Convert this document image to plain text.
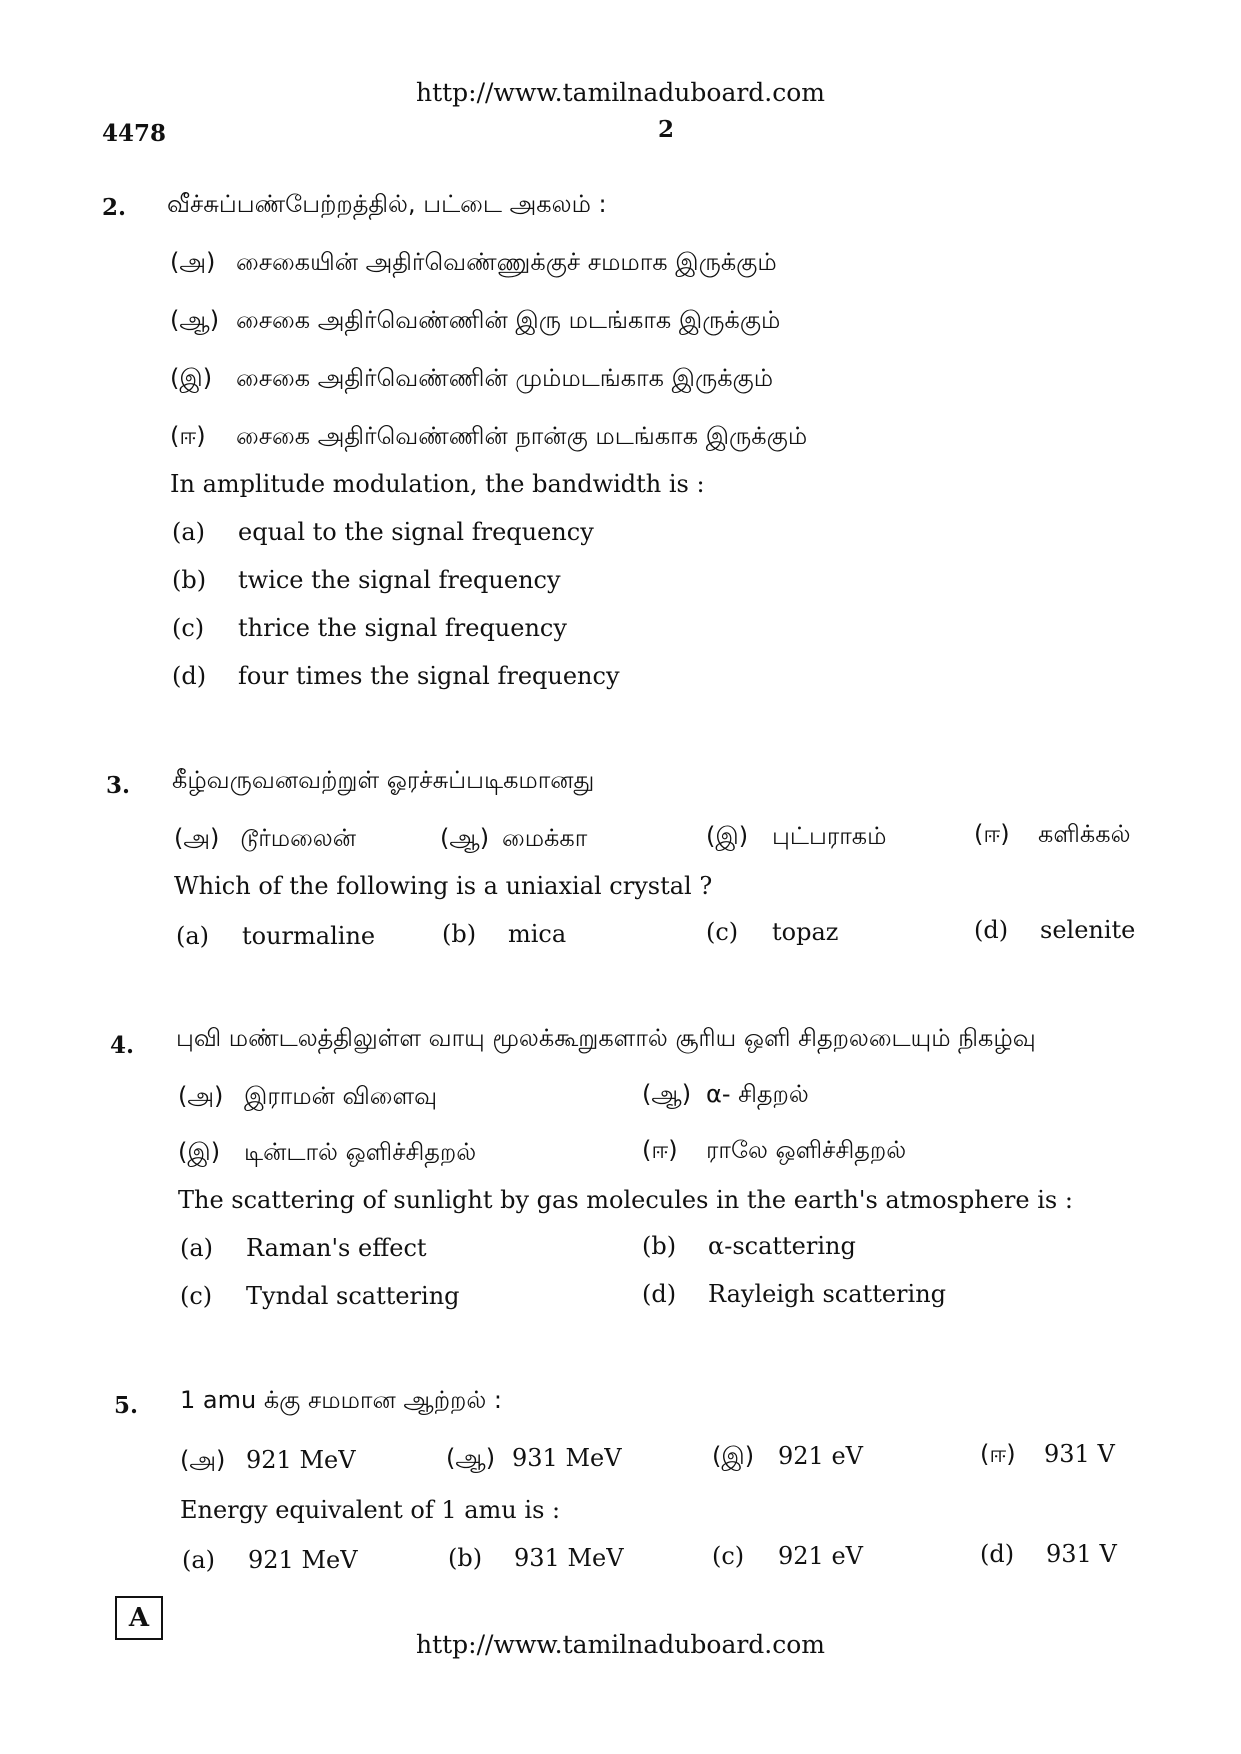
http://www.tamilnaduboard.com
4478	2
2. வீச்சுப்பண்பேற்றத்தில், பட்டை அகலம் :
(அ) சைகையின் அதிர்வெண்ணுக்குச் சமமாக இருக்கும்
(ஆ) சைகை அதிர்வெண்ணின் இரு மடங்காக இருக்கும்
(இ) சைகை அதிர்வெண்ணின் மும்மடங்காக இருக்கும்
(ஈ) சைகை அதிர்வெண்ணின் நான்கு மடங்காக இருக்கும்
In amplitude modulation, the bandwidth is :
(a) equal to the signal frequency
(b) twice the signal frequency
(c) thrice the signal frequency
(d) four times the signal frequency
3. கீழ்வருவனவற்றுள் ஓரச்சுப்படிகமானது
(அ) டூர்மலைன்	(ஆ) மைக்கா	(இ) புட்பராகம்	(ஈ) களிக்கல்
Which of the following is a uniaxial crystal ?
(a) tourmaline	(b) mica	(c) topaz	(d) selenite
4. புவி மண்டலத்திலுள்ள வாயு மூலக்கூறுகளால் சூரிய ஒளி சிதறலடையும் நிகழ்வு
(அ) இராமன் விளைவு	(ஆ) α- சிதறல்
(இ) டின்டால் ஒளிச்சிதறல்	(ஈ) ராலே ஒளிச்சிதறல்
The scattering of sunlight by gas molecules in the earth's atmosphere is :
(a) Raman's effect	(b) α-scattering
(c) Tyndal scattering	(d) Rayleigh scattering
5. 1 amu க்கு சமமான ஆற்றல் :
(அ) 921 MeV	(ஆ) 931 MeV	(இ) 921 eV	(ஈ) 931 V
Energy equivalent of 1 amu is :
(a) 921 MeV	(b) 931 MeV	(c) 921 eV	(d) 931 V
A
http://www.tamilnaduboard.com
